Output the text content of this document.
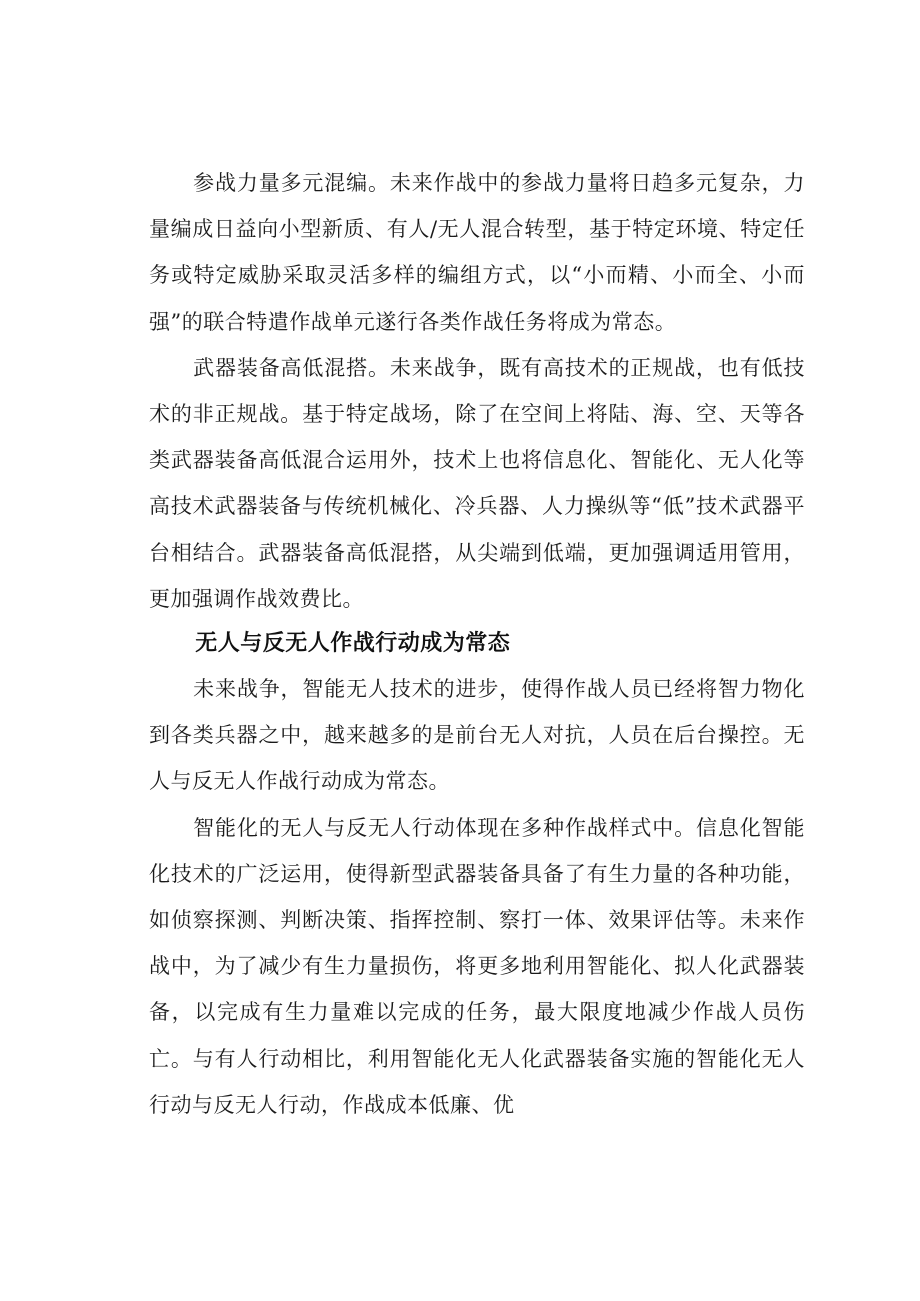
参战力量多元混编。未来作战中的参战力量将日趋多元复杂，力量编成日益向小型新质、有人/无人混合转型，基于特定环境、特定任务或特定威胁采取灵活多样的编组方式，以“小而精、小而全、小而强”的联合特遣作战单元遂行各类作战任务将成为常态。

武器装备高低混搭。未来战争，既有高技术的正规战，也有低技术的非正规战。基于特定战场，除了在空间上将陆、海、空、天等各类武器装备高低混合运用外，技术上也将信息化、智能化、无人化等高技术武器装备与传统机械化、冷兵器、人力操纵等“低”技术武器平台相结合。武器装备高低混搭，从尖端到低端，更加强调适用管用，更加强调作战效费比。

无人与反无人作战行动成为常态

未来战争，智能无人技术的进步，使得作战人员已经将智力物化到各类兵器之中，越来越多的是前台无人对抗，人员在后台操控。无人与反无人作战行动成为常态。

智能化的无人与反无人行动体现在多种作战样式中。信息化智能化技术的广泛运用，使得新型武器装备具备了有生力量的各种功能，如侦察探测、判断决策、指挥控制、察打一体、效果评估等。未来作战中，为了减少有生力量损伤，将更多地利用智能化、拟人化武器装备，以完成有生力量难以完成的任务，最大限度地减少作战人员伤亡。与有人行动相比，利用智能化无人化武器装备实施的智能化无人行动与反无人行动，作战成本低廉、优
